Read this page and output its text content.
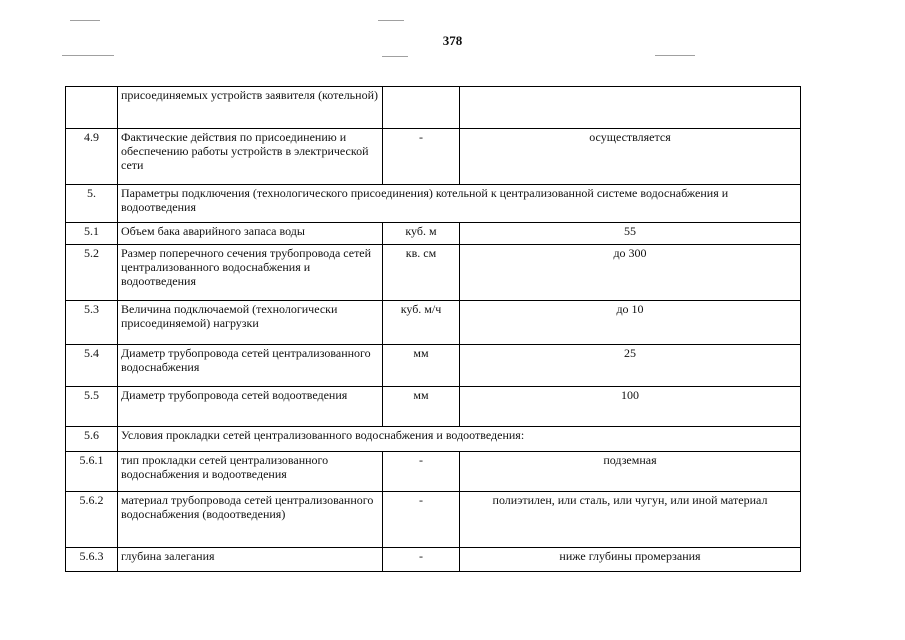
378
	присоединяемых устройств заявителя (котельной)		
4.9	Фактические действия по присоединению и обеспечению работы устройств в электрической сети	-	осуществляется
5.	Параметры подключения (технологического присоединения) котельной к централизованной системе водоснабжения и водоотведения		
5.1	Объем бака аварийного запаса воды	куб. м	55
5.2	Размер поперечного сечения трубопровода сетей централизованного водоснабжения и водоотведения	кв. см	до 300
5.3	Величина подключаемой (технологически присоединяемой) нагрузки	куб. м/ч	до 10
5.4	Диаметр трубопровода сетей централизованного водоснабжения	мм	25
5.5	Диаметр трубопровода сетей водоотведения	мм	100
5.6	Условия прокладки сетей централизованного водоснабжения и водоотведения:		
5.6.1	тип прокладки сетей централизованного водоснабжения и водоотведения	-	подземная
5.6.2	материал трубопровода сетей централизованного водоснабжения (водоотведения)	-	полиэтилен, или сталь, или чугун, или иной материал
5.6.3	глубина залегания	-	ниже глубины промерзания
